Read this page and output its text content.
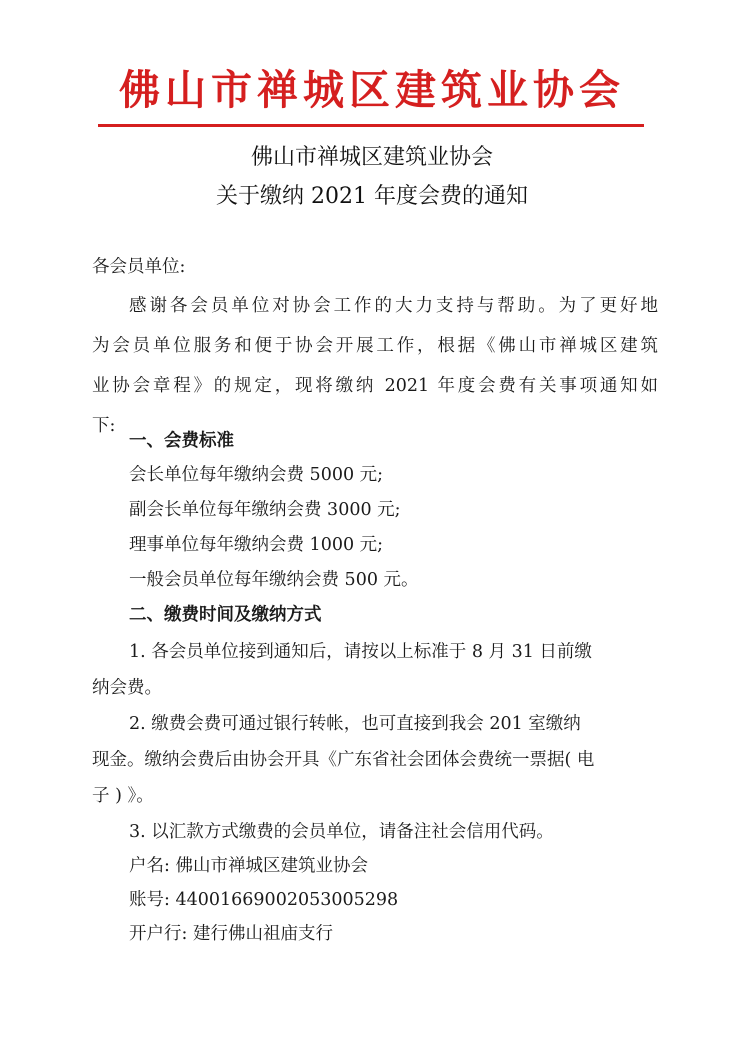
佛山市禅城区建筑业协会
佛山市禅城区建筑业协会
关于缴纳 2021 年度会费的通知
各会员单位:
感谢各会员单位对协会工作的大力支持与帮助。为了更好地
为会员单位服务和便于协会开展工作，根据《佛山市禅城区建筑
业协会章程》的规定，现将缴纳 2021 年度会费有关事项通知如
下:
一、会费标准
会长单位每年缴纳会费 5000 元;
副会长单位每年缴纳会费 3000 元;
理事单位每年缴纳会费 1000 元;
一般会员单位每年缴纳会费 500 元。
二、缴费时间及缴纳方式
1. 各会员单位接到通知后，请按以上标准于 8 月 31 日前缴
纳会费。
2. 缴费会费可通过银行转帐，也可直接到我会 201 室缴纳
现金。缴纳会费后由协会开具《广东省社会团体会费统一票据( 电
子 ) 》。
3. 以汇款方式缴费的会员单位，请备注社会信用代码。
户名: 佛山市禅城区建筑业协会
账号: 44001669002053005298
开户行: 建行佛山祖庙支行
